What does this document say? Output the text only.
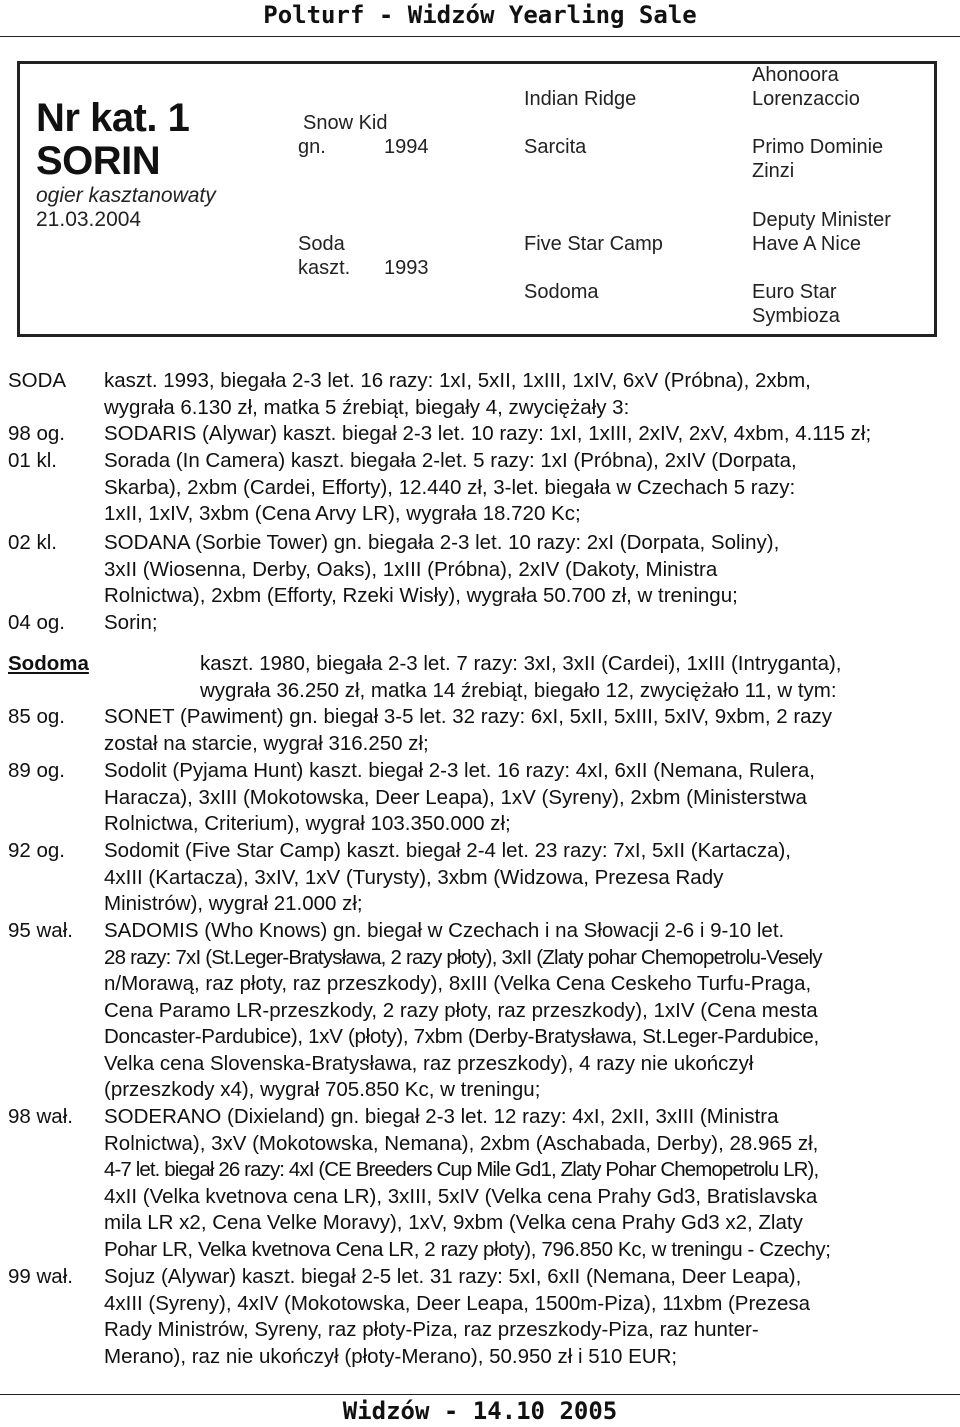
Polturf - Widzów Yearling Sale
Nr kat. 1
SORIN
ogier kasztanowaty
21.03.2004
Snow Kid
gn.	1994
Soda
kaszt. 1993
Indian Ridge
Sarcita
Five Star Camp
Sodoma
Ahonoora
Lorenzaccio
Primo Dominie
Zinzi
Deputy Minister
Have A Nice
Euro Star
Symbioza
SODA kaszt. 1993, biegała 2-3 let. 16 razy: 1xI, 5xII, 1xIII, 1xIV, 6xV (Próbna), 2xbm,
wygrała 6.130 zł, matka 5 źrebiąt, biegały 4, zwyciężały 3:
98 og. SODARIS (Alywar) kaszt. biegał 2-3 let. 10 razy: 1xI, 1xIII, 2xIV, 2xV, 4xbm, 4.115 zł;
01 kl. Sorada (In Camera) kaszt. biegała 2-let. 5 razy: 1xI (Próbna), 2xIV (Dorpata,
Skarba), 2xbm (Cardei, Efforty), 12.440 zł, 3-let. biegała w Czechach 5 razy:
1xII, 1xIV, 3xbm (Cena Arvy LR), wygrała 18.720 Kc;
02 kl. SODANA (Sorbie Tower) gn. biegała 2-3 let. 10 razy: 2xI (Dorpata, Soliny),
3xII (Wiosenna, Derby, Oaks), 1xIII (Próbna), 2xIV (Dakoty, Ministra
Rolnictwa), 2xbm (Efforty, Rzeki Wisły), wygrała 50.700 zł, w treningu;
04 og. Sorin;
Sodoma	kaszt. 1980, biegała 2-3 let. 7 razy: 3xI, 3xII (Cardei), 1xIII (Intryganta),
wygrała 36.250 zł, matka 14 źrebiąt, biegało 12, zwyciężało 11, w tym:
85 og. SONET (Pawiment) gn. biegał 3-5 let. 32 razy: 6xI, 5xII, 5xIII, 5xIV, 9xbm, 2 razy
został na starcie, wygrał 316.250 zł;
89 og. Sodolit (Pyjama Hunt) kaszt. biegał 2-3 let. 16 razy: 4xI, 6xII (Nemana, Rulera,
Haracza), 3xIII (Mokotowska, Deer Leapa), 1xV (Syreny), 2xbm (Ministerstwa
Rolnictwa, Criterium), wygrał 103.350.000 zł;
92 og. Sodomit (Five Star Camp) kaszt. biegał 2-4 let. 23 razy: 7xI, 5xII (Kartacza),
4xIII (Kartacza), 3xIV, 1xV (Turysty), 3xbm (Widzowa, Prezesa Rady
Ministrów), wygrał 21.000 zł;
95 wał. SADOMIS (Who Knows) gn. biegał w Czechach i na Słowacji 2-6 i 9-10 let.
28 razy: 7xI (St.Leger-Bratysława, 2 razy płoty), 3xII (Zlaty pohar Chemopetrolu-Vesely
n/Morawą, raz płoty, raz przeszkody), 8xIII (Velka Cena Ceskeho Turfu-Praga,
Cena Paramo LR-przeszkody, 2 razy płoty, raz przeszkody), 1xIV (Cena mesta
Doncaster-Pardubice), 1xV (płoty), 7xbm (Derby-Bratysława, St.Leger-Pardubice,
Velka cena Slovenska-Bratysława, raz przeszkody), 4 razy nie ukończył
(przeszkody x4), wygrał 705.850 Kc, w treningu;
98 wał. SODERANO (Dixieland) gn. biegał 2-3 let. 12 razy: 4xI, 2xII, 3xIII (Ministra
Rolnictwa), 3xV (Mokotowska, Nemana), 2xbm (Aschabada, Derby), 28.965 zł,
4-7 let. biegał 26 razy: 4xI (CE Breeders Cup Mile Gd1, Zlaty Pohar Chemopetrolu LR),
4xII (Velka kvetnova cena LR), 3xIII, 5xIV (Velka cena Prahy Gd3, Bratislavska
mila LR x2, Cena Velke Moravy), 1xV, 9xbm (Velka cena Prahy Gd3 x2, Zlaty
Pohar LR, Velka kvetnova Cena LR, 2 razy płoty), 796.850 Kc, w treningu - Czechy;
99 wał. Sojuz (Alywar) kaszt. biegał 2-5 let. 31 razy: 5xI, 6xII (Nemana, Deer Leapa),
4xIII (Syreny), 4xIV (Mokotowska, Deer Leapa, 1500m-Piza), 11xbm (Prezesa
Rady Ministrów, Syreny, raz płoty-Piza, raz przeszkody-Piza, raz hunter-
Merano), raz nie ukończył (płoty-Merano), 50.950 zł i 510 EUR;
Widzów - 14.10 2005
